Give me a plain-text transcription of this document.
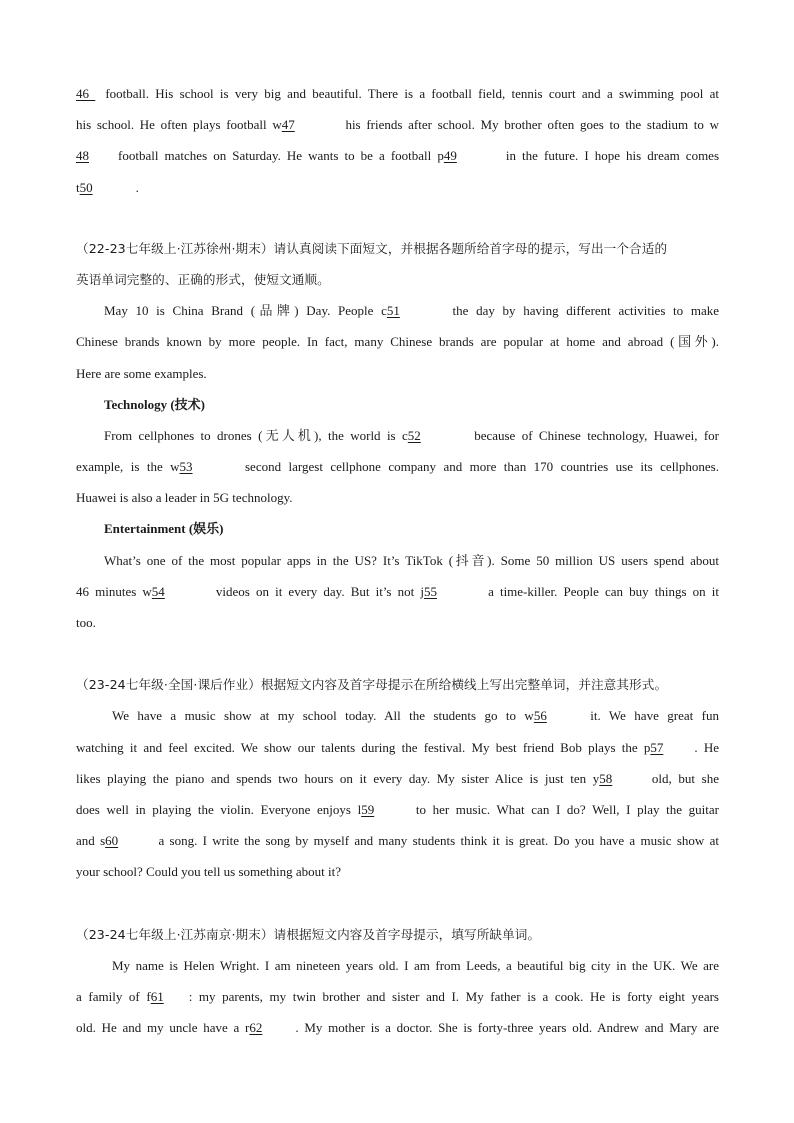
46 football. His school is very big and beautiful. There is a football field, tennis court and a swimming pool at
his school. He often plays football w47	his friends after school. My brother often goes to the stadium to w
48 football matches on Saturday. He wants to be a football p49	in the future. I hope his dream comes
t50	.
（22-23七年级上·江苏徐州·期末）请认真阅读下面短文，并根据各题所给首字母的提示，写出一个合适的
英语单词完整的、正确的形式，使短文通顺。
May 10 is China Brand (品牌) Day. People c51	the day by having different activities to make
Chinese brands known by more people. In fact, many Chinese brands are popular at home and abroad (国外).
Here are some examples.
Technology (技术)
From cellphones to drones (无人机), the world is c52	because of Chinese technology, Huawei, for
example, is the w53	second largest cellphone company and more than 170 countries use its cellphones.
Huawei is also a leader in 5G technology.
Entertainment (娱乐)
What’s one of the most popular apps in the US? It’s TikTok (抖音). Some 50 million US users spend about
46 minutes w54	videos on it every day. But it’s not j55	a time-killer. People can buy things on it
too.
（23-24七年级·全国·课后作业）根据短文内容及首字母提示在所给横线上写出完整单词，并注意其形式。
We have a music show at my school today. All the students go to w56	it. We have great fun
watching it and feel excited. We show our talents during the festival. My best friend Bob plays the p57 . He
likes playing the piano and spends two hours on it every day. My sister Alice is just ten y58	old, but she
does well in playing the violin. Everyone enjoys l59	to her music. What can I do? Well, I play the guitar
and s60	a song. I write the song by myself and many students think it is great. Do you have a music show at
your school? Could you tell us something about it?
（23-24七年级上·江苏南京·期末）请根据短文内容及首字母提示，填写所缺单词。
My name is Helen Wright. I am nineteen years old. I am from Leeds, a beautiful big city in the UK. We are
a family of f61 : my parents, my twin brother and sister and I. My father is a cook. He is forty eight years
old. He and my uncle have a r62	. My mother is a doctor. She is forty-three years old. Andrew and Mary are
